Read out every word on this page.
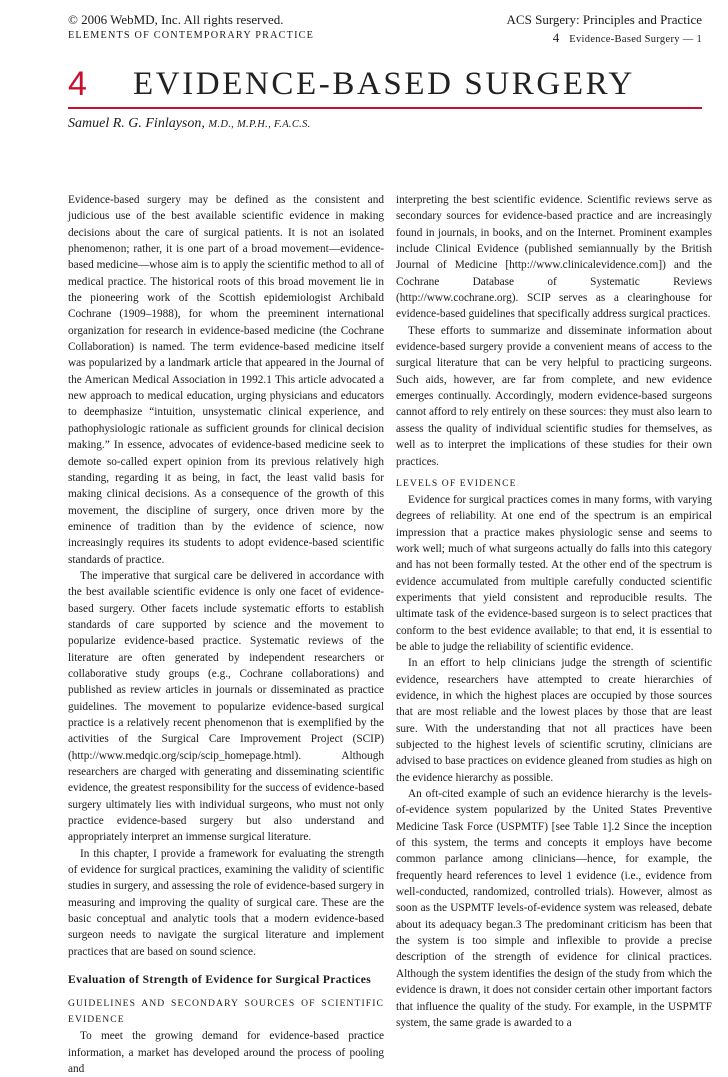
© 2006 WebMD, Inc. All rights reserved.	ACS Surgery: Principles and Practice
ELEMENTS OF CONTEMPORARY PRACTICE	4 Evidence-Based Surgery — 1
4 EVIDENCE-BASED SURGERY
Samuel R. G. Finlayson, M.D., M.P.H., F.A.C.S.

Evidence-based surgery may be defined as the consistent and judicious use of the best available scientific evidence in making decisions about the care of surgical patients. It is not an isolated phenomenon; rather, it is one part of a broad movement—evidence-based medicine—whose aim is to apply the scientific method to all of medical practice. The historical roots of this broad movement lie in the pioneering work of the Scottish epidemiologist Archibald Cochrane (1909–1988), for whom the preeminent international organization for research in evidence-based medicine (the Cochrane Collaboration) is named. The term evidence-based medicine itself was popularized by a landmark article that appeared in the Journal of the American Medical Association in 1992.1 This article advocated a new approach to medical education, urging physicians and educators to deemphasize “intuition, unsystematic clinical experience, and pathophysiologic rationale as sufficient grounds for clinical decision making.” In essence, advocates of evidence-based medicine seek to demote so-called expert opinion from its previous relatively high standing, regarding it as being, in fact, the least valid basis for making clinical decisions. As a consequence of the growth of this movement, the discipline of surgery, once driven more by the eminence of tradition than by the evidence of science, now increasingly requires its students to adopt evidence-based scientific standards of practice.

The imperative that surgical care be delivered in accordance with the best available scientific evidence is only one facet of evidence-based surgery. Other facets include systematic efforts to establish standards of care supported by science and the movement to popularize evidence-based practice. Systematic reviews of the literature are often generated by independent researchers or collaborative study groups (e.g., Cochrane collaborations) and published as review articles in journals or disseminated as practice guidelines. The movement to popularize evidence-based surgical practice is a relatively recent phenomenon that is exemplified by the activities of the Surgical Care Improvement Project (SCIP) (http://www.medqic.org/scip/scip_homepage.html). Although researchers are charged with generating and disseminating scientific evidence, the greatest responsibility for the success of evidence-based surgery ultimately lies with individual surgeons, who must not only practice evidence-based surgery but also understand and appropriately interpret an immense surgical literature.

In this chapter, I provide a framework for evaluating the strength of evidence for surgical practices, examining the validity of scientific studies in surgery, and assessing the role of evidence-based surgery in measuring and improving the quality of surgical care. These are the basic conceptual and analytic tools that a modern evidence-based surgeon needs to navigate the surgical literature and implement practices that are based on sound science.

Evaluation of Strength of Evidence for Surgical Practices
GUIDELINES AND SECONDARY SOURCES OF SCIENTIFIC EVIDENCE

To meet the growing demand for evidence-based practice information, a market has developed around the process of pooling and

interpreting the best scientific evidence. Scientific reviews serve as secondary sources for evidence-based practice and are increasingly found in journals, in books, and on the Internet. Prominent examples include Clinical Evidence (published semiannually by the British Journal of Medicine [http://www.clinicalevidence.com]) and the Cochrane Database of Systematic Reviews (http://www.cochrane.org). SCIP serves as a clearinghouse for evidence-based guidelines that specifically address surgical practices.

These efforts to summarize and disseminate information about evidence-based surgery provide a convenient means of access to the surgical literature that can be very helpful to practicing surgeons. Such aids, however, are far from complete, and new evidence emerges continually. Accordingly, modern evidence-based surgeons cannot afford to rely entirely on these sources: they must also learn to assess the quality of individual scientific studies for themselves, as well as to interpret the implications of these studies for their own practices.

LEVELS OF EVIDENCE

Evidence for surgical practices comes in many forms, with varying degrees of reliability. At one end of the spectrum is an empirical impression that a practice makes physiologic sense and seems to work well; much of what surgeons actually do falls into this category and has not been formally tested. At the other end of the spectrum is evidence accumulated from multiple carefully conducted scientific experiments that yield consistent and reproducible results. The ultimate task of the evidence-based surgeon is to select practices that conform to the best evidence available; to that end, it is essential to be able to judge the reliability of scientific evidence.

In an effort to help clinicians judge the strength of scientific evidence, researchers have attempted to create hierarchies of evidence, in which the highest places are occupied by those sources that are most reliable and the lowest places by those that are least sure. With the understanding that not all practices have been subjected to the highest levels of scientific scrutiny, clinicians are advised to base practices on evidence gleaned from studies as high on the evidence hierarchy as possible.

An oft-cited example of such an evidence hierarchy is the levels-of-evidence system popularized by the United States Preventive Medicine Task Force (USPMTF) [see Table 1].2 Since the inception of this system, the terms and concepts it employs have become common parlance among clinicians—hence, for example, the frequently heard references to level 1 evidence (i.e., evidence from well-conducted, randomized, controlled trials). However, almost as soon as the USPMTF levels-of-evidence system was released, debate about its adequacy began.3 The predominant criticism has been that the system is too simple and inflexible to provide a precise description of the strength of evidence for clinical practices. Although the system identifies the design of the study from which the evidence is drawn, it does not consider certain other important factors that influence the quality of the study. For example, in the USPMTF system, the same grade is awarded to a
